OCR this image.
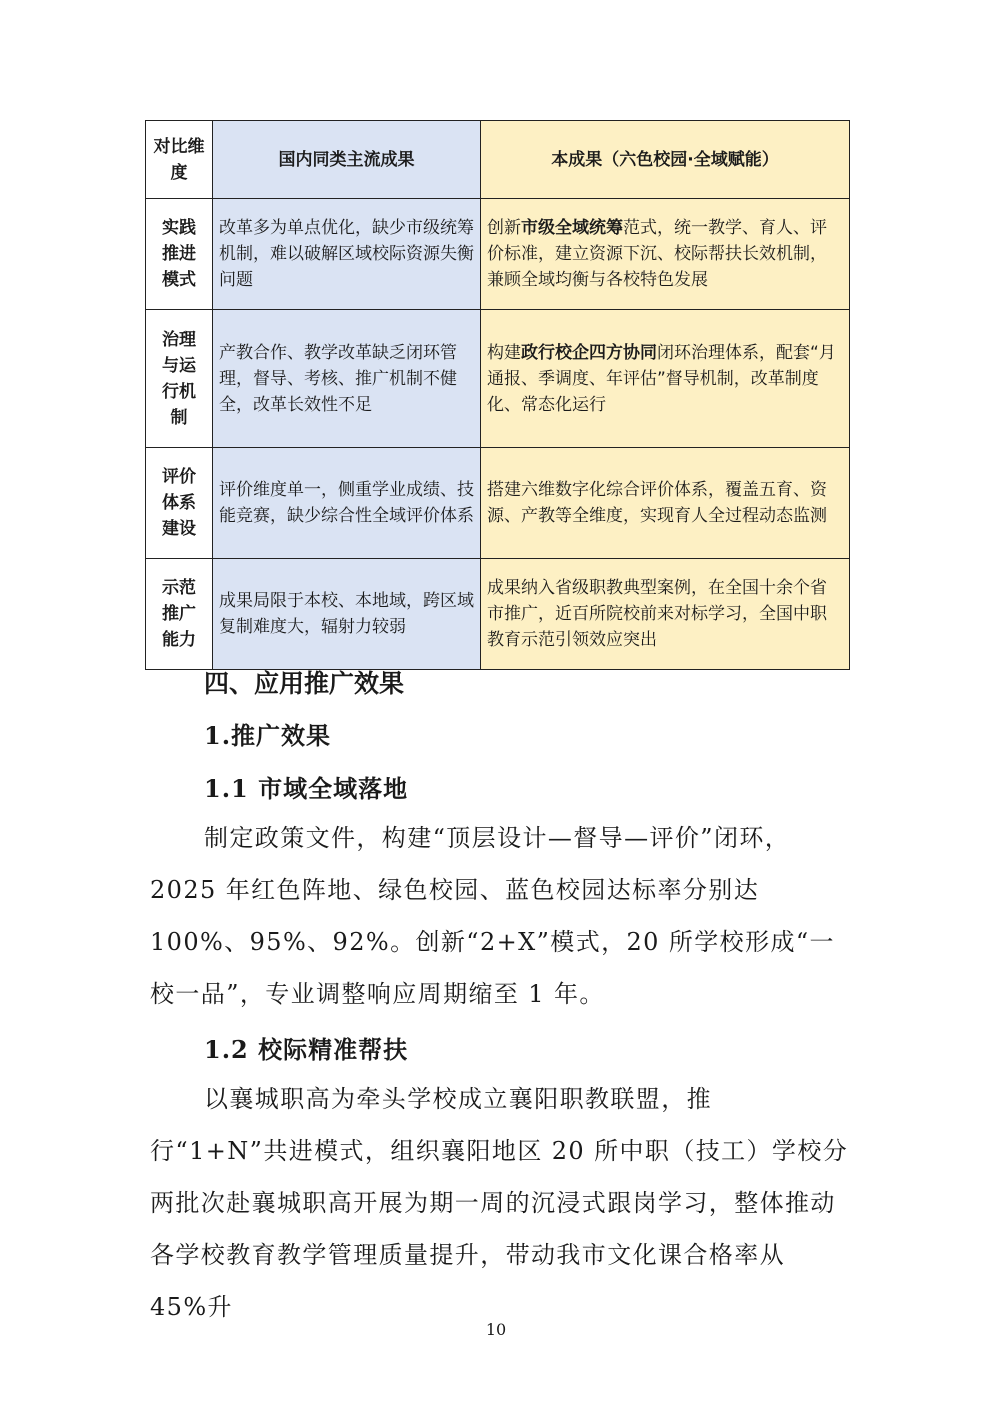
对比维度	国内同类主流成果	本成果（六色校园·全域赋能）
实践推进模式	改革多为单点优化，缺少市级统筹机制，难以破解区域校际资源失衡问题	创新市级全域统筹范式，统一教学、育人、评价标准，建立资源下沉、校际帮扶长效机制，兼顾全域均衡与各校特色发展
治理与运行机制	产教合作、教学改革缺乏闭环管理，督导、考核、推广机制不健全，改革长效性不足	构建政行校企四方协同闭环治理体系，配套“月通报、季调度、年评估”督导机制，改革制度化、常态化运行
评价体系建设	评价维度单一，侧重学业成绩、技能竞赛，缺少综合性全域评价体系	搭建六维数字化综合评价体系，覆盖五育、资源、产教等全维度，实现育人全过程动态监测
示范推广能力	成果局限于本校、本地域，跨区域复制难度大，辐射力较弱	成果纳入省级职教典型案例，在全国十余个省市推广，近百所院校前来对标学习，全国中职教育示范引领效应突出
四、应用推广效果
1.推广效果
1.1 市域全域落地

制定政策文件，构建“顶层设计—督导—评价”闭环，2025 年红色阵地、绿色校园、蓝色校园达标率分别达 100%、95%、92%。创新“2+X”模式，20 所学校形成“一校一品”，专业调整响应周期缩至 1 年。

1.2 校际精准帮扶

以襄城职高为牵头学校成立襄阳职教联盟，推行“1+N”共进模式，组织襄阳地区 20 所中职（技工）学校分两批次赴襄城职高开展为期一周的沉浸式跟岗学习，整体推动各学校教育教学管理质量提升，带动我市文化课合格率从 45%升

10
